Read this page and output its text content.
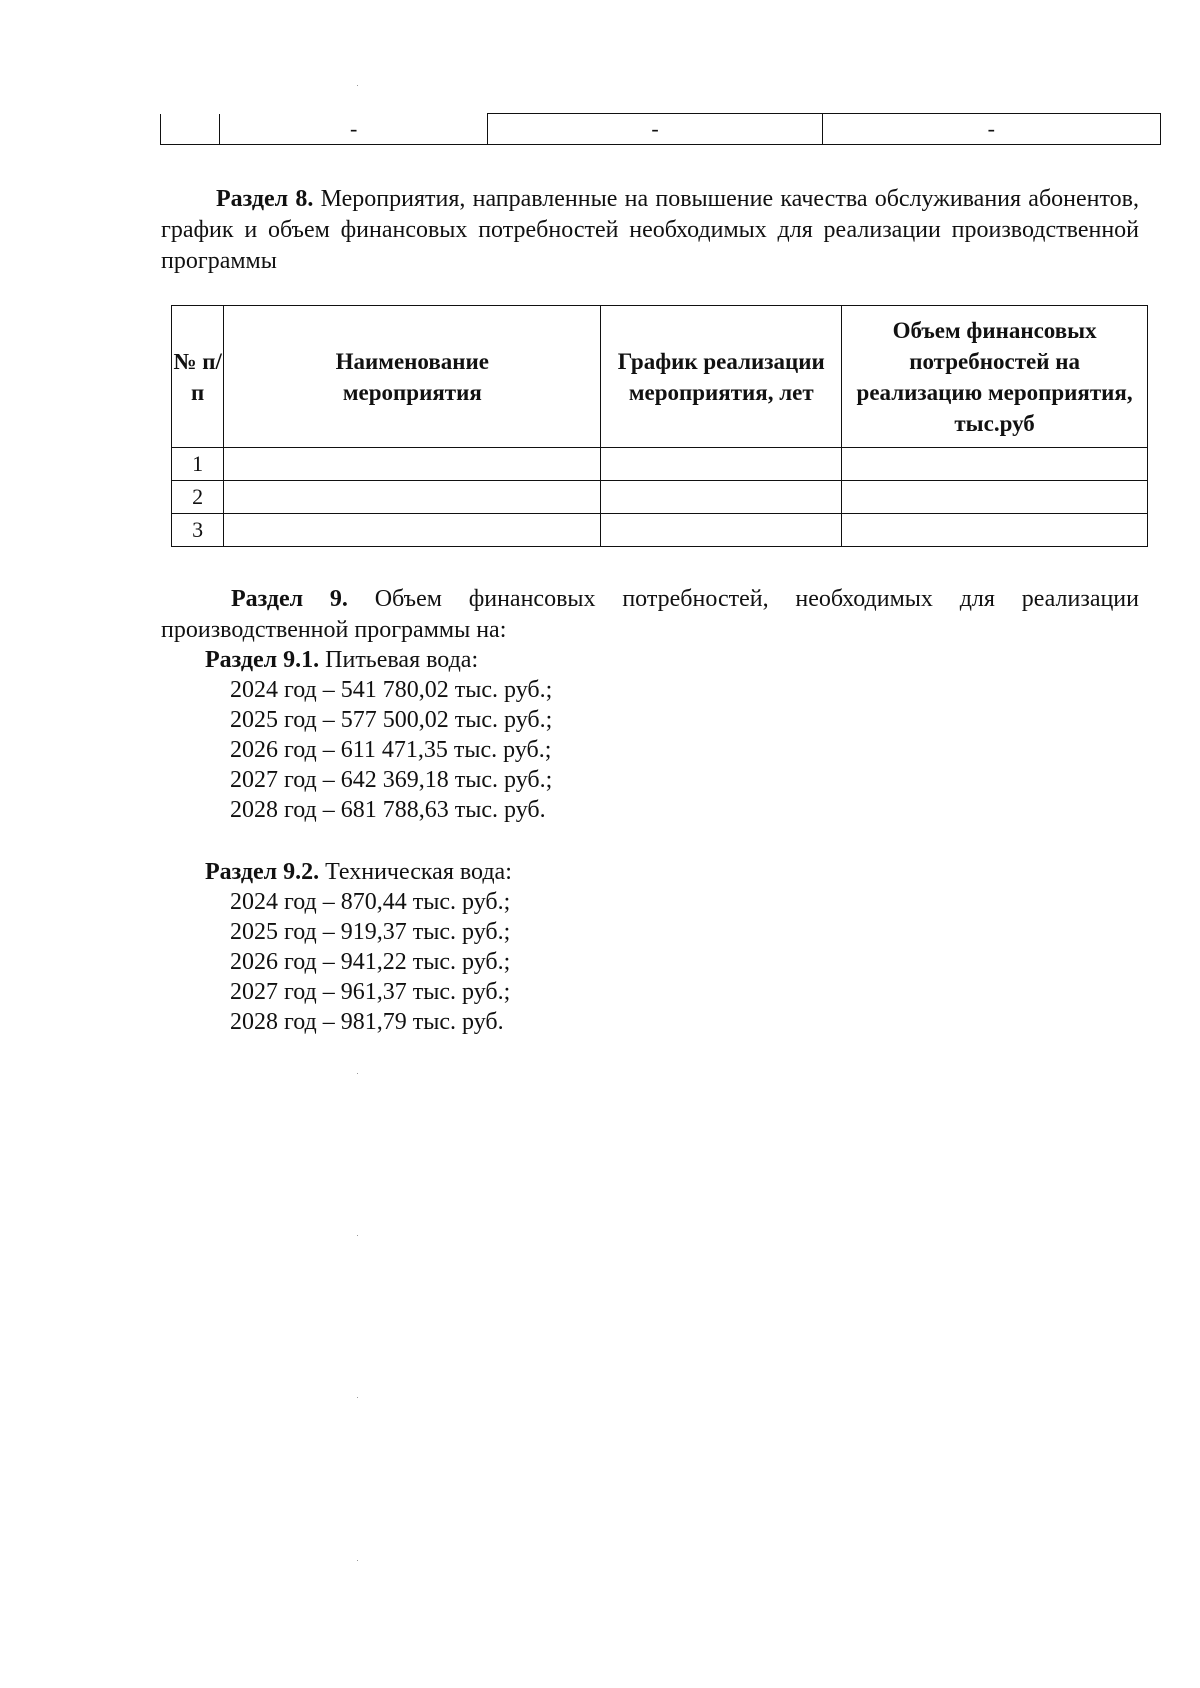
	-	-	-
Раздел 8. Мероприятия, направленные на повышение качества обслуживания абонентов, график и объем финансовых потребностей необходимых для реализации производственной программы
№ п/п	Наименование мероприятия	График реализации мероприятия, лет	Объем финансовых потребностей на реализацию мероприятия, тыс.руб
1			
2			
3			
Раздел 9. Объем финансовых потребностей, необходимых для реализации производственной программы на:
Раздел 9.1. Питьевая вода:
2024 год – 541 780,02 тыс. руб.;
2025 год – 577 500,02 тыс. руб.;
2026 год – 611 471,35 тыс. руб.;
2027 год – 642 369,18 тыс. руб.;
2028 год – 681 788,63 тыс. руб.
Раздел 9.2. Техническая вода:
2024 год – 870,44 тыс. руб.;
2025 год – 919,37 тыс. руб.;
2026 год – 941,22 тыс. руб.;
2027 год – 961,37 тыс. руб.;
2028 год – 981,79 тыс. руб.
